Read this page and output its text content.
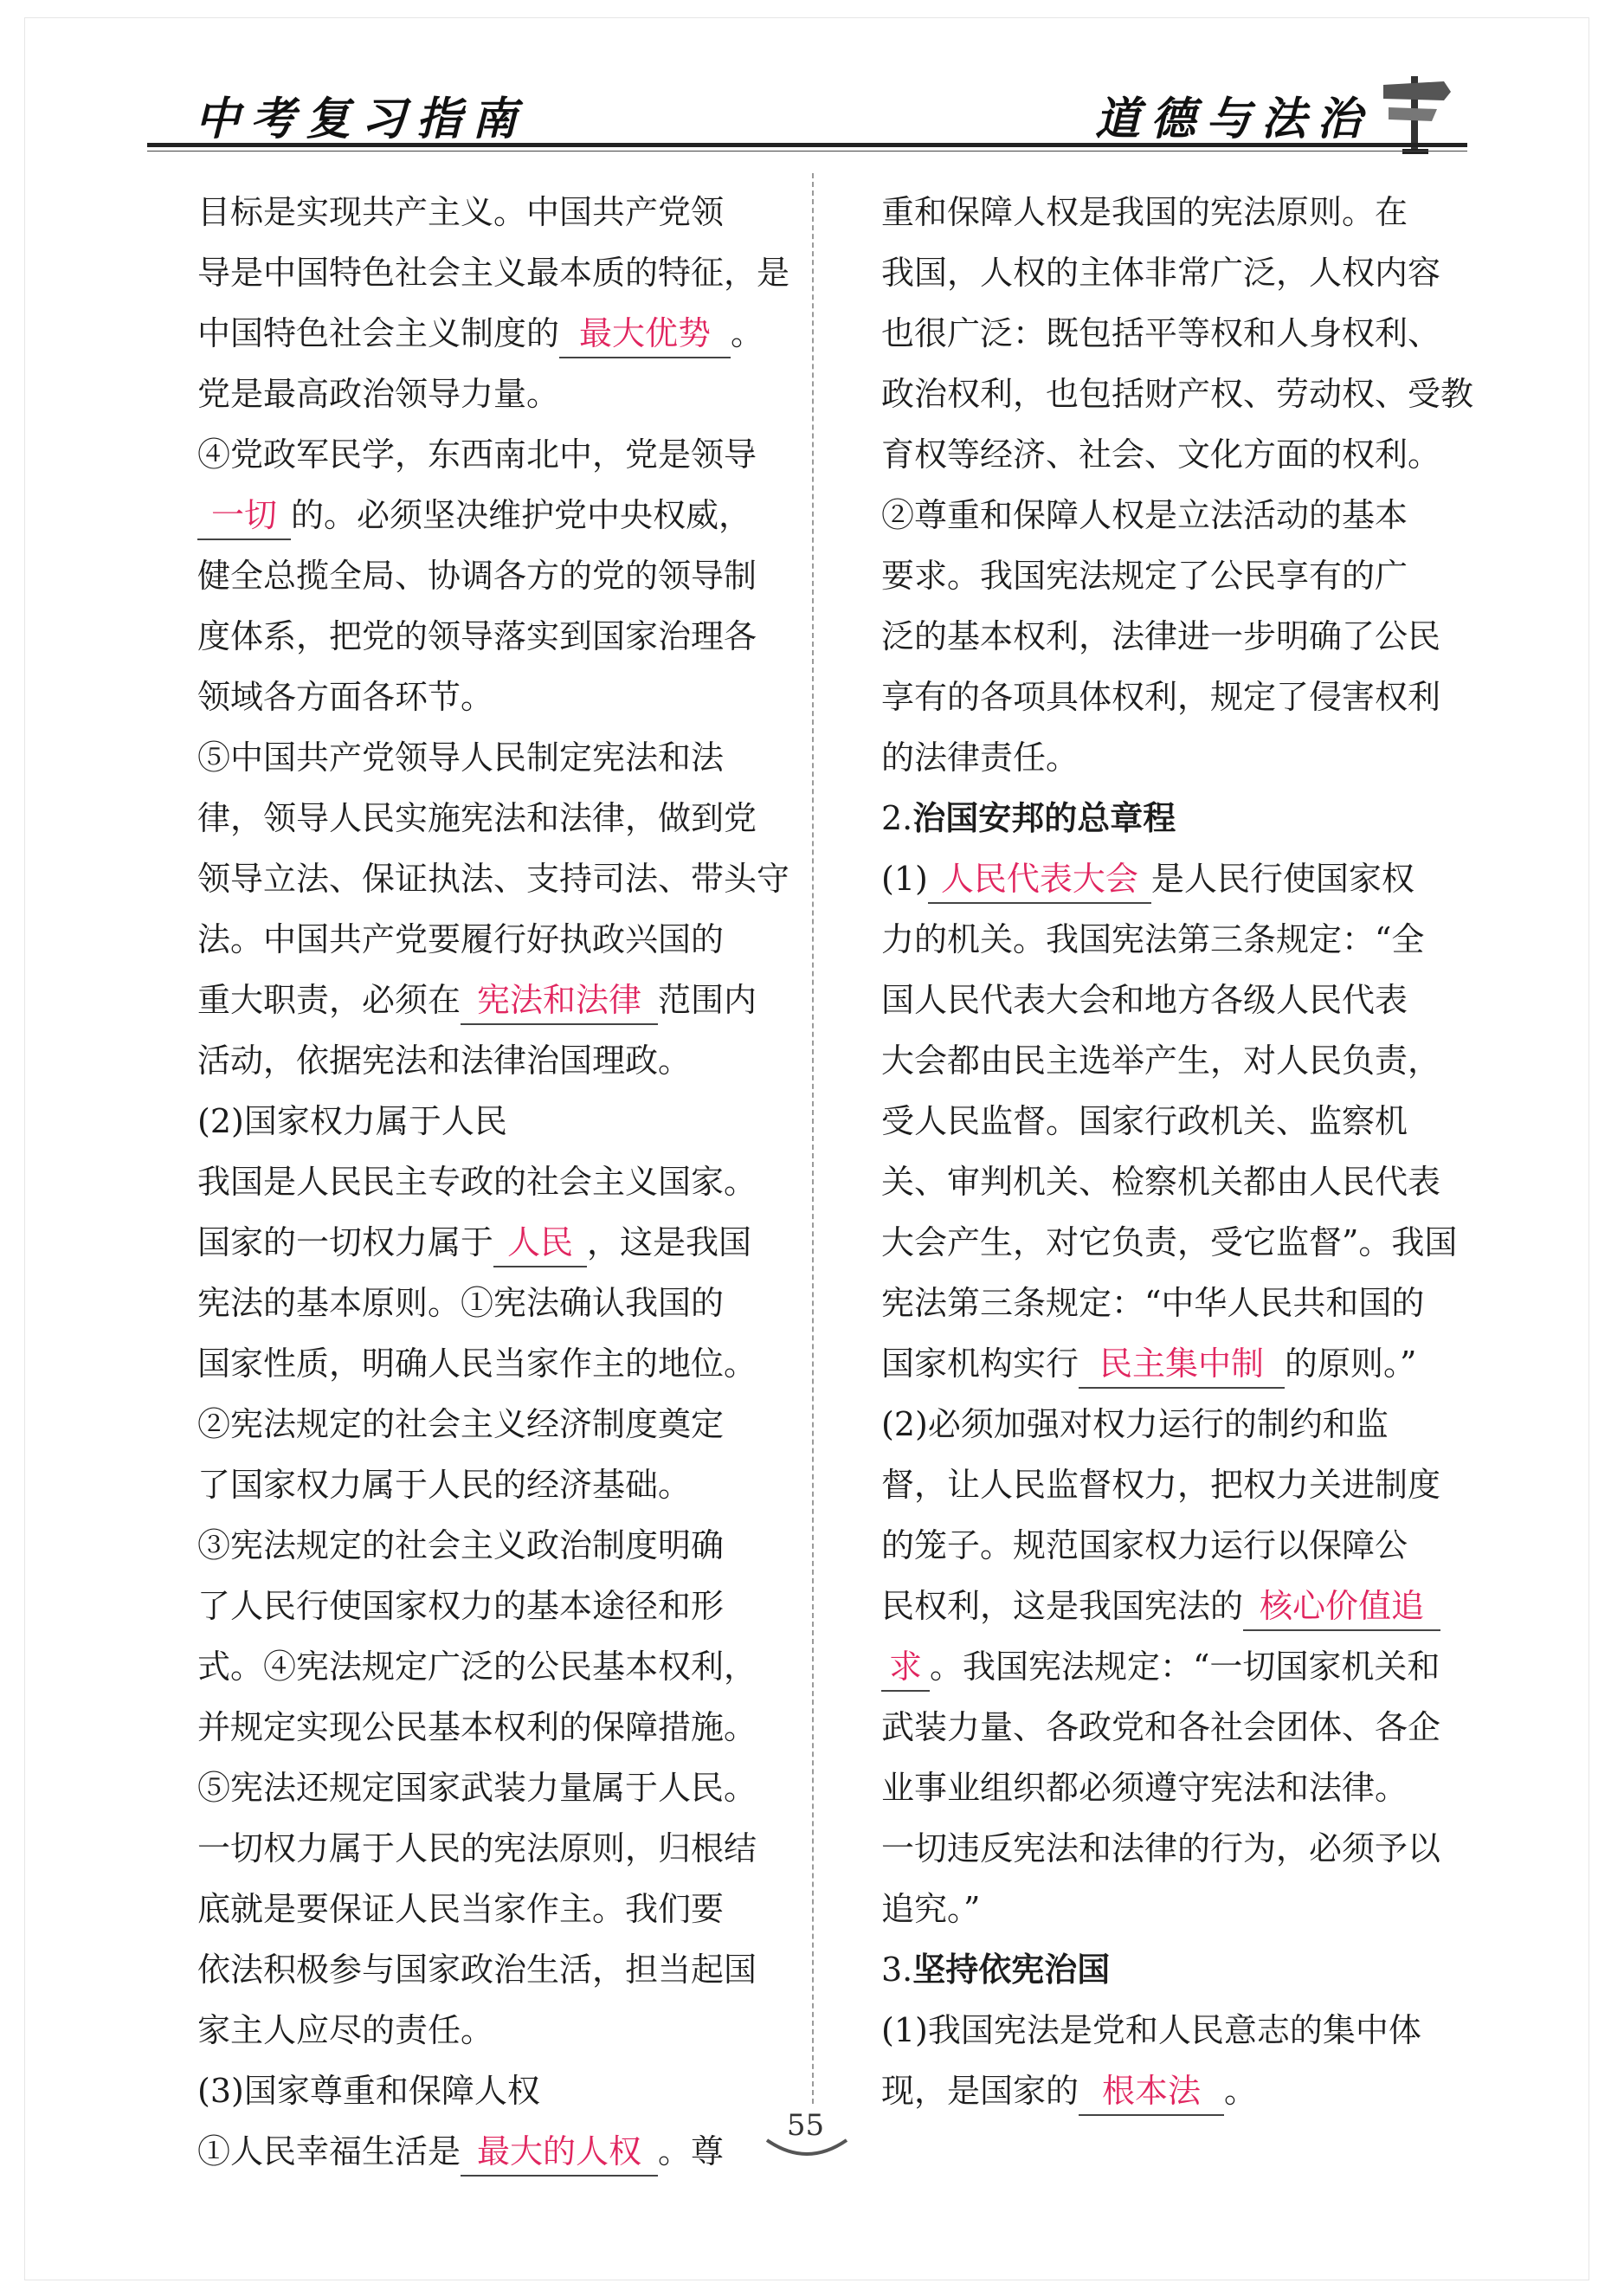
中考复习指南	道德与法治

目标是实现共产主义。中国共产党领
导是中国特色社会主义最本质的特征，是
中国特色社会主义制度的 最大优势 。
党是最高政治领导力量。

④党政军民学，东西南北中，党是领导
一切 的。必须坚决维护党中央权威，
健全总揽全局、协调各方的党的领导制
度体系，把党的领导落实到国家治理各
领域各方面各环节。

⑤中国共产党领导人民制定宪法和法
律，领导人民实施宪法和法律，做到党
领导立法、保证执法、支持司法、带头守
法。中国共产党要履行好执政兴国的
重大职责，必须在 宪法和法律 范围内
活动，依据宪法和法律治国理政。

(2)国家权力属于人民

我国是人民民主专政的社会主义国家。
国家的一切权力属于 人民 ，这是我国
宪法的基本原则。①宪法确认我国的
国家性质，明确人民当家作主的地位。
②宪法规定的社会主义经济制度奠定
了国家权力属于人民的经济基础。
③宪法规定的社会主义政治制度明确
了人民行使国家权力的基本途径和形
式。④宪法规定广泛的公民基本权利，
并规定实现公民基本权利的保障措施。
⑤宪法还规定国家武装力量属于人民。
一切权力属于人民的宪法原则，归根结
底就是要保证人民当家作主。我们要
依法积极参与国家政治生活，担当起国
家主人应尽的责任。

(3)国家尊重和保障人权

①人民幸福生活是 最大的人权 。尊

重和保障人权是我国的宪法原则。在
我国，人权的主体非常广泛，人权内容
也很广泛：既包括平等权和人身权利、
政治权利，也包括财产权、劳动权、受教
育权等经济、社会、文化方面的权利。

②尊重和保障人权是立法活动的基本
要求。我国宪法规定了公民享有的广
泛的基本权利，法律进一步明确了公民
享有的各项具体权利，规定了侵害权利
的法律责任。

2.治国安邦的总章程

(1) 人民代表大会 是人民行使国家权
力的机关。我国宪法第三条规定：“全
国人民代表大会和地方各级人民代表
大会都由民主选举产生，对人民负责，
受人民监督。国家行政机关、监察机
关、审判机关、检察机关都由人民代表
大会产生，对它负责，受它监督”。我国
宪法第三条规定：“中华人民共和国的
国家机构实行 民主集中制 的原则。”

(2)必须加强对权力运行的制约和监
督，让人民监督权力，把权力关进制度
的笼子。规范国家权力运行以保障公
民权利，这是我国宪法的 核心价值追
求 。我国宪法规定：“一切国家机关和
武装力量、各政党和各社会团体、各企
业事业组织都必须遵守宪法和法律。
一切违反宪法和法律的行为，必须予以
追究。”

3.坚持依宪治国

(1)我国宪法是党和人民意志的集中体
现，是国家的 根本法 。

55
